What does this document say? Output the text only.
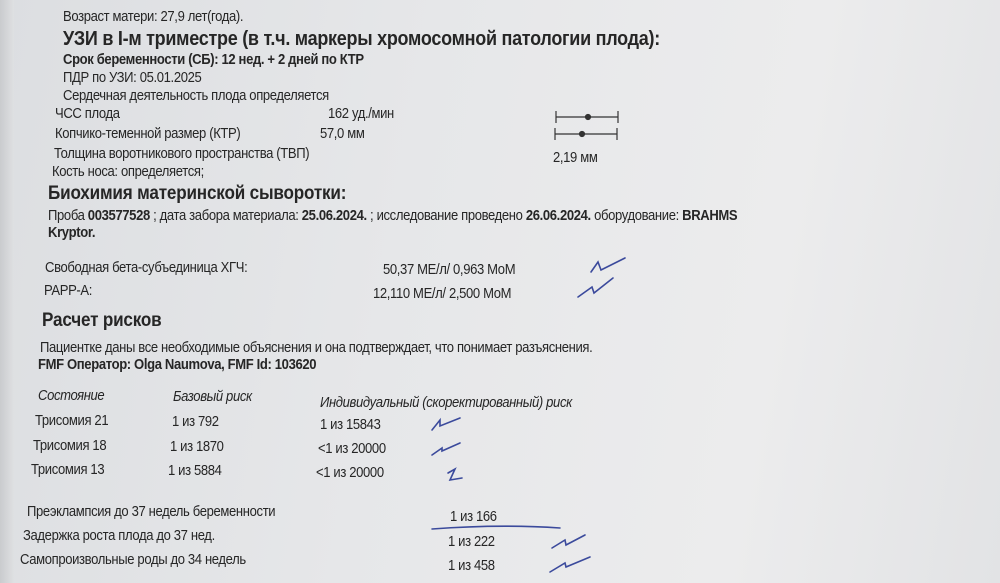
Возраст матери: 27,9 лет(года).
УЗИ в I-м триместре (в т.ч. маркеры хромосомной патологии плода):
Срок беременности (СБ): 12 нед. + 2 дней по КТР
ПДР по УЗИ: 05.01.2025
Сердечная деятельность плода определяется
ЧСС плода	162 уд./мин
Копчико-теменной размер (КТР)	57,0 мм
Толщина воротникового пространства (ТВП)	2,19 мм
Кость носа: определяется;
Биохимия материнской сыворотки:
Проба 003577528 ; дата забора материала: 25.06.2024. ; исследование проведено 26.06.2024. оборудование: BRAHMS
Kryptor.
Свободная бета-субъединица ХГЧ:	50,37 МЕ/л/ 0,963 МоМ
PAPP-A:	12,110 МЕ/л/ 2,500 МоМ
Расчет рисков
Пациентке даны все необходимые объяснения и она подтверждает, что понимает разъяснения.
FMF Оператор: Olga Naumova, FMF Id: 103620
Состояние	Базовый риск	Индивидуальный (скоректированный) риск
Трисомия 21	1 из 792	1 из 15843
Трисомия 18	1 из 1870	<1 из 20000
Трисомия 13	1 из 5884	<1 из 20000
Преэклампсия до 37 недель беременности	1 из 166
Задержка роста плода до 37 нед.	1 из 222
Самопроизвольные роды до 34 недель	1 из 458
